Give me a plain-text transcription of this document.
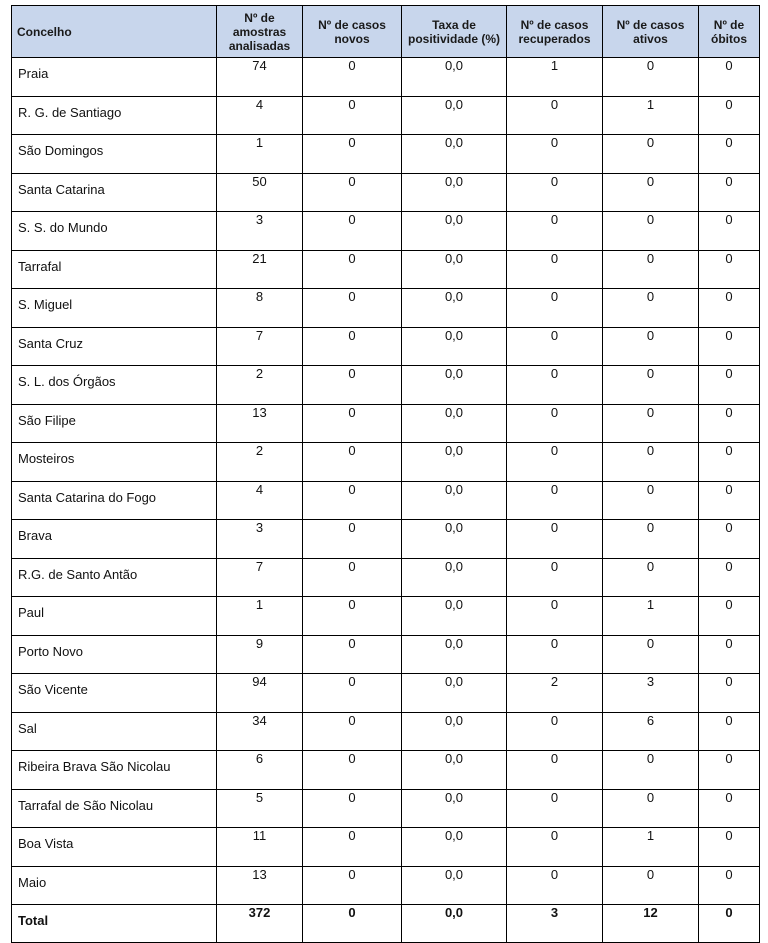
Concelho	Nº de amostras analisadas	Nº de casos novos	Taxa de positividade (%)	Nº de casos recuperados	Nº de casos ativos	Nº de óbitos
Praia	74	0	0,0	1	0	0
R. G. de Santiago	4	0	0,0	0	1	0
São Domingos	1	0	0,0	0	0	0
Santa Catarina	50	0	0,0	0	0	0
S. S. do Mundo	3	0	0,0	0	0	0
Tarrafal	21	0	0,0	0	0	0
S. Miguel	8	0	0,0	0	0	0
Santa Cruz	7	0	0,0	0	0	0
S. L. dos Órgãos	2	0	0,0	0	0	0
São Filipe	13	0	0,0	0	0	0
Mosteiros	2	0	0,0	0	0	0
Santa Catarina do Fogo	4	0	0,0	0	0	0
Brava	3	0	0,0	0	0	0
R.G. de Santo Antão	7	0	0,0	0	0	0
Paul	1	0	0,0	0	1	0
Porto Novo	9	0	0,0	0	0	0
São Vicente	94	0	0,0	2	3	0
Sal	34	0	0,0	0	6	0
Ribeira Brava São Nicolau	6	0	0,0	0	0	0
Tarrafal de São Nicolau	5	0	0,0	0	0	0
Boa Vista	11	0	0,0	0	1	0
Maio	13	0	0,0	0	0	0
Total	372	0	0,0	3	12	0
